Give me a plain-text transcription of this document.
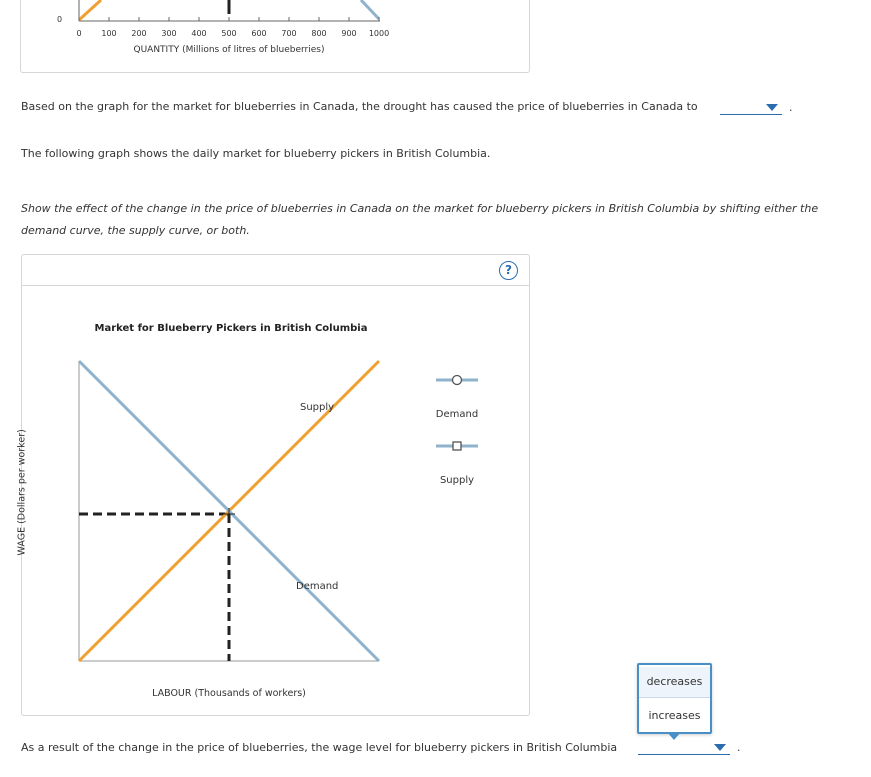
0
0 100 200 300 400 500 600 700 800 900 1000
QUANTITY (Millions of litres of blueberries)
Based on the graph for the market for blueberries in Canada, the drought has caused the price of blueberries in Canada to	.
The following graph shows the daily market for blueberry pickers in British Columbia.
Show the effect of the change in the price of blueberries in Canada on the market for blueberry pickers in British Columbia by shifting either the
demand curve, the supply curve, or both.
?
Market for Blueberry Pickers in British Columbia
Supply
Demand
LABOUR (Thousands of workers)
Demand
Supply
WAGE (Dollars per worker)
As a result of the change in the price of blueberries, the wage level for blueberry pickers in British Columbia	.
decreases
increases
